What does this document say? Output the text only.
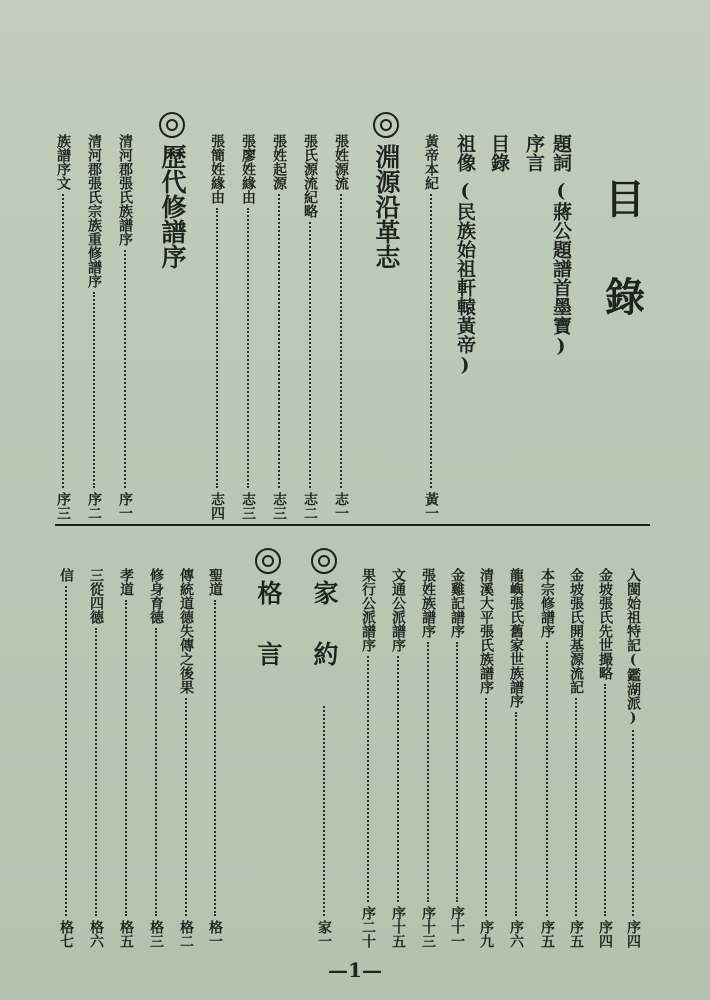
目
錄
題詞
(蔣公題譜首墨寶)
序言
目錄
祖像
(民族始祖軒轅黃帝)
黃帝本紀
黃一
淵源沿革志
張姓源流
志一
張氏源流紀略
志二
張姓起源
志三
張廖姓緣由
志三
張簡姓緣由
志四
歷代修譜序
清河郡張氏族譜序
序一
清河郡張氏宗族重修譜序
序二
族譜序文
序三
入閩始祖特記(鑑湖派)
序四
金坡張氏先世撮略
序四
金坡張氏開基源流記
序五
本宗修譜序
序五
龍嶼張氏舊家世族譜序
序六
清溪大平張氏族譜序
序九
金雞記譜序
序十一
張姓族譜序
序十三
文通公派譜序
序十五
果行公派譜序
序二十
家約
家一
格言
聖道
格一
傳統道德失傳之後果
格二
修身育德
格三
孝道
格五
三從四德
格六
信
格七
—1—
